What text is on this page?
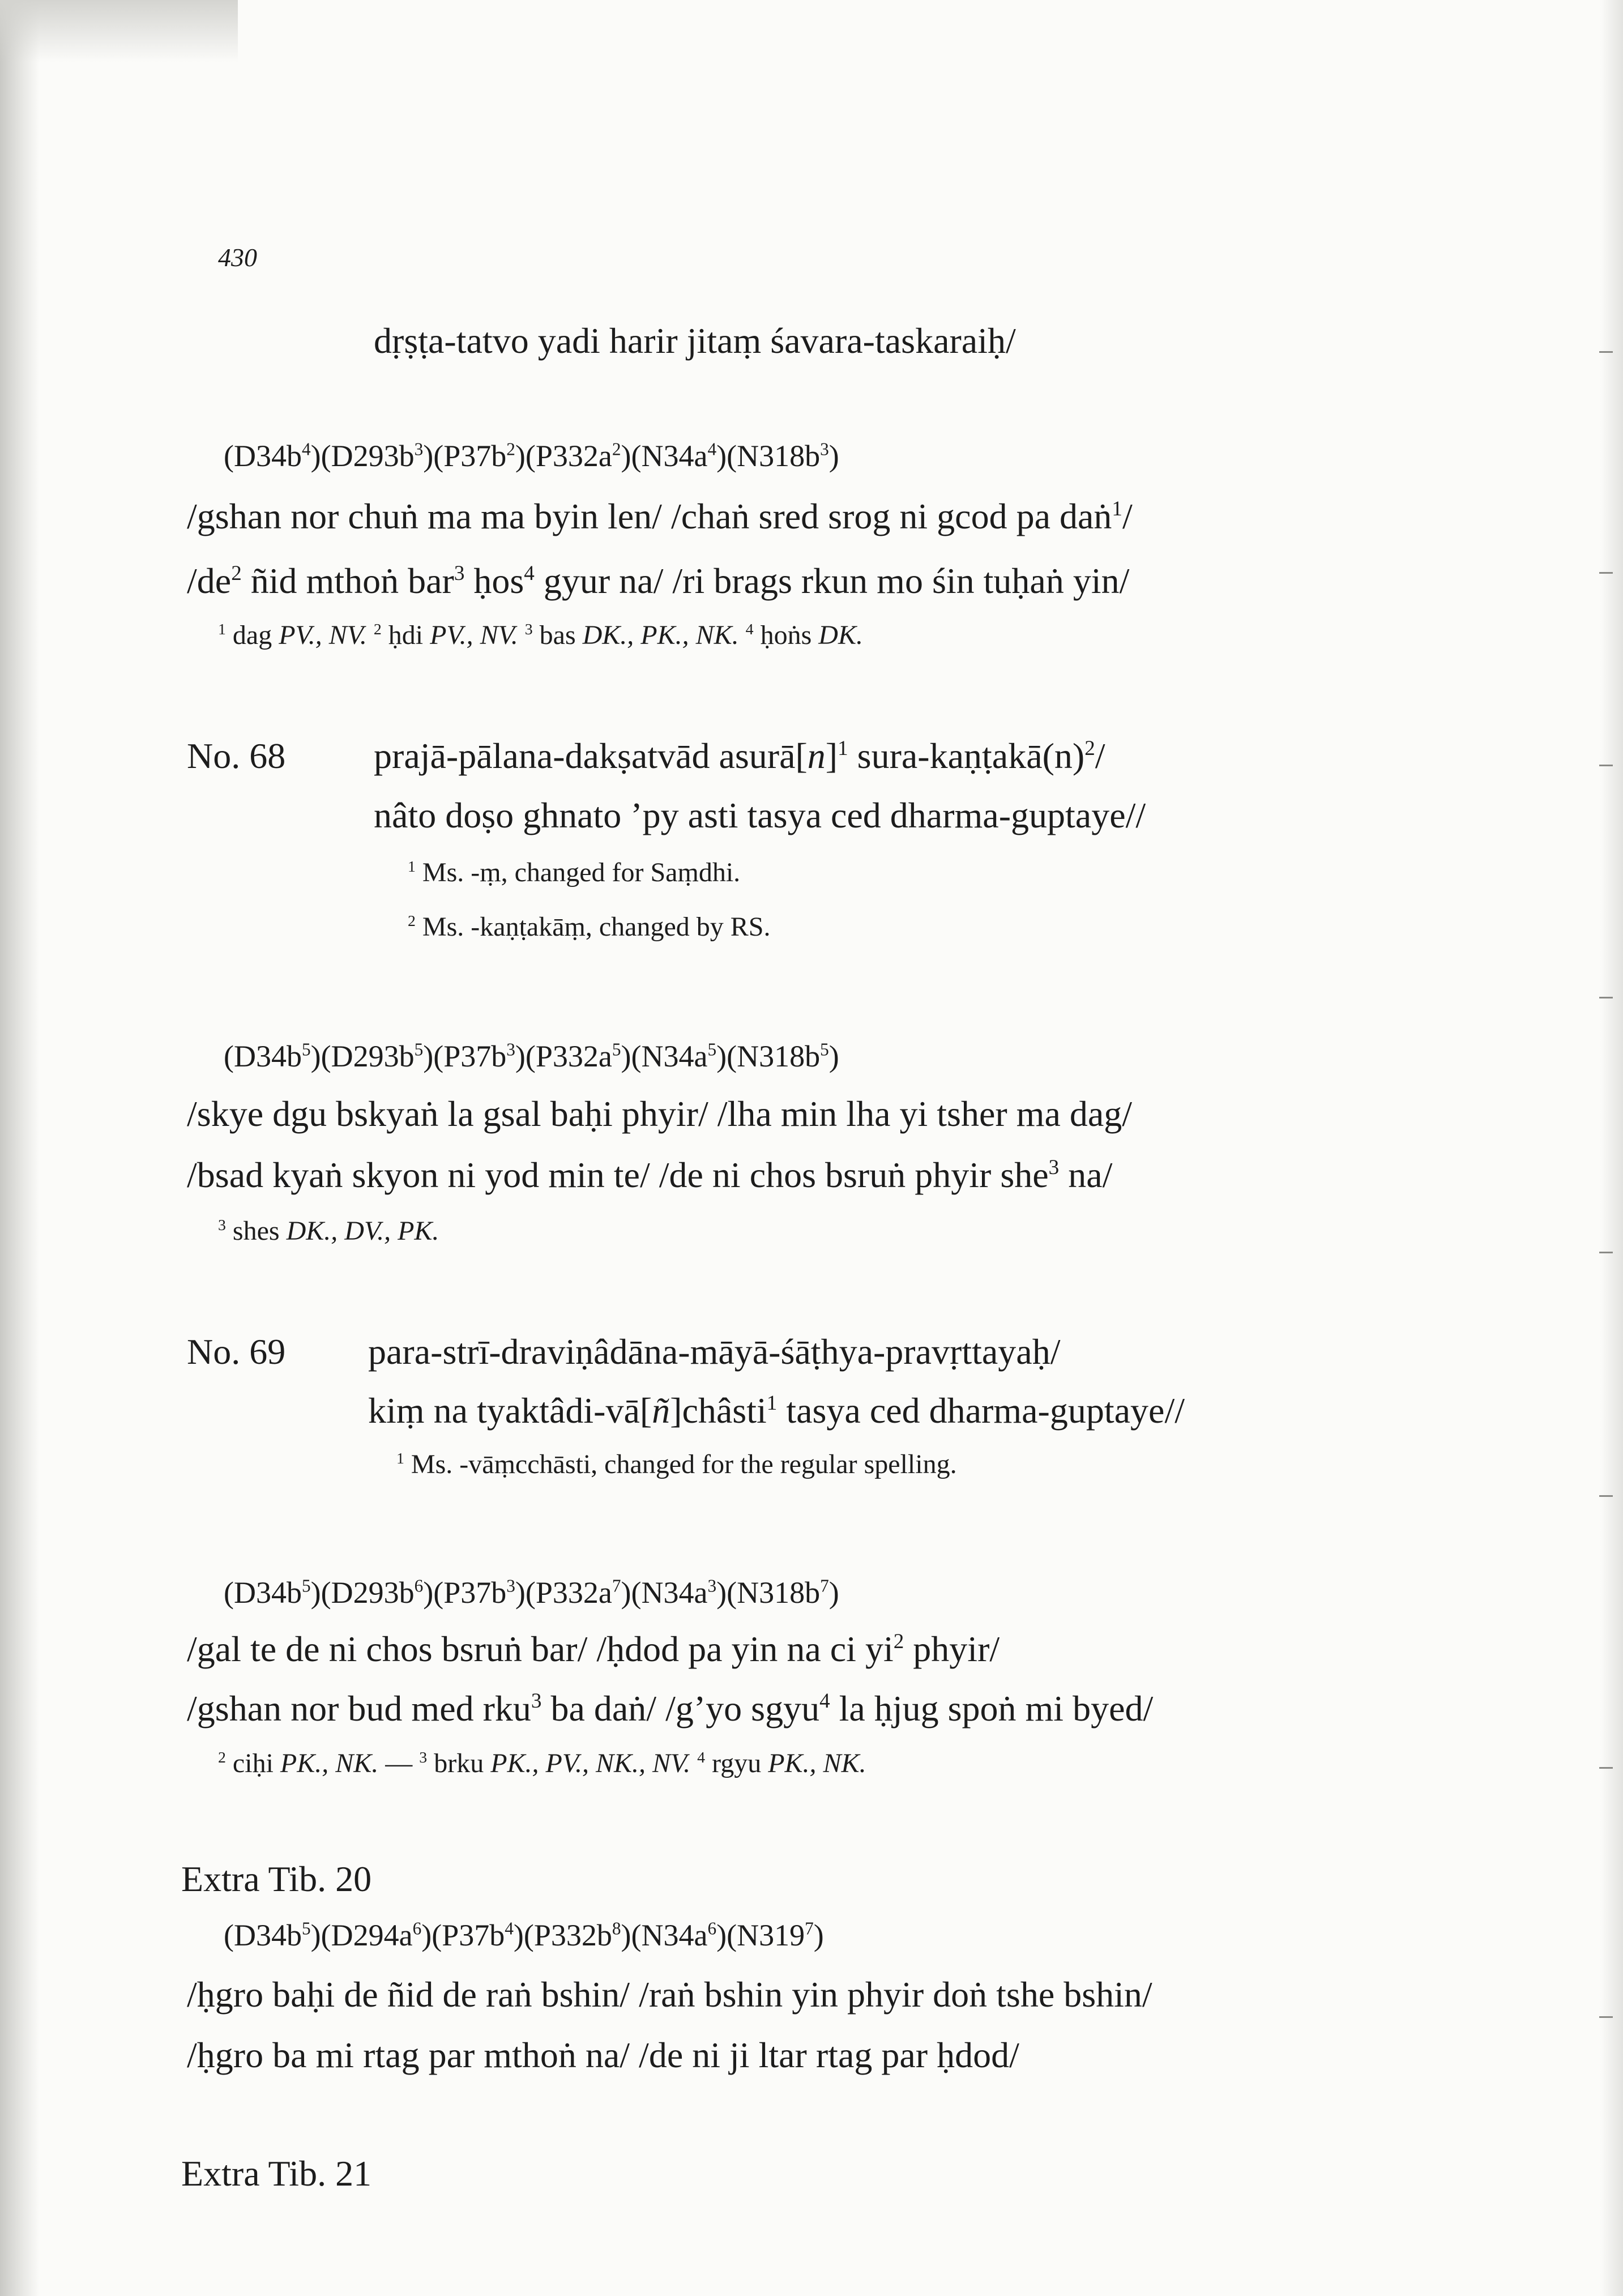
430
dṛṣṭa-tatvo yadi harir jitaṃ śavara-taskaraiḥ/
$(D34b^4)(D293b^3)(P37b^2)(P332a^2)(N34a^4)(N318b^3)$
/gshan nor chuṅ ma ma byin len/ /chaṅ sred srog ni gcod pa daṅ$^1$/
$/de^2$ ñid mthoṅ bar$^3$ ḥos$^4$ gyur na/ /ri brags rkun mo śin tuḥaṅ yin/
$^1$ dag PV., NV. $^2$ ḥdi PV., NV. $^3$ bas DK., PK., NK. $^4$ ḥoṅs DK.
No. 68 prajā-pālana-dakṣatvād $asurā[n]^1$ sura-$kaṇṭakā(n)^2/$
nâto doṣo ghnato ’py asti tasya ced dharma-guptaye//
$^1$ Ms. -ṃ, changed for Saṃdhi.
$^2$ Ms. -kaṇṭakāṃ, changed by RS.
$(D34b^5)(D293b^5)(P37b^3)(P332a^5)(N34a^5)(N318b^5)$
/skye dgu bskyaṅ la gsal baḥi phyir/ /lha min lha yi tsher ma dag/
/bsad kyaṅ skyon ni yod min te/ /de ni chos bsruṅ phyir she$^3$ na/
$^3$ shes DK., DV., PK.
No. 69 para-strī-draviṇâdāna-māyā-śāṭhya-pravṛttayaḥ/
kiṃ na tyaktâdi-vā[ñ]châsti$^1$ tasya ced dharma-guptaye//
$^1$ Ms. -vāṃcchāsti, changed for the regular spelling.
$(D34b^5)(D293b^6)(P37b^3)(P332a^7)(N34a^3)(N318b^7)$
/gal te de ni chos bsruṅ bar/ /ḥdod pa yin na ci $yi^2$ phyir/
/gshan nor bud med rku$^3$ ba daṅ/ /g’yo sgyu$^4$ la ḥjug spoṅ mi byed/
$^2$ ciḥi PK., NK. — $^3$ brku PK., PV., NK., NV. $^4$ rgyu PK., NK.
Extra Tib. 20
$(D34b^5)(D294a^6)(P37b^4)(P332b^8)(N34a^6)(N319^7)$
/ḥgro baḥi de ñid de raṅ bshin/ /raṅ bshin yin phyir doṅ tshe bshin/
/ḥgro ba mi rtag par mthoṅ na/ /de ni ji ltar rtag par ḥdod/
Extra Tib. 21
